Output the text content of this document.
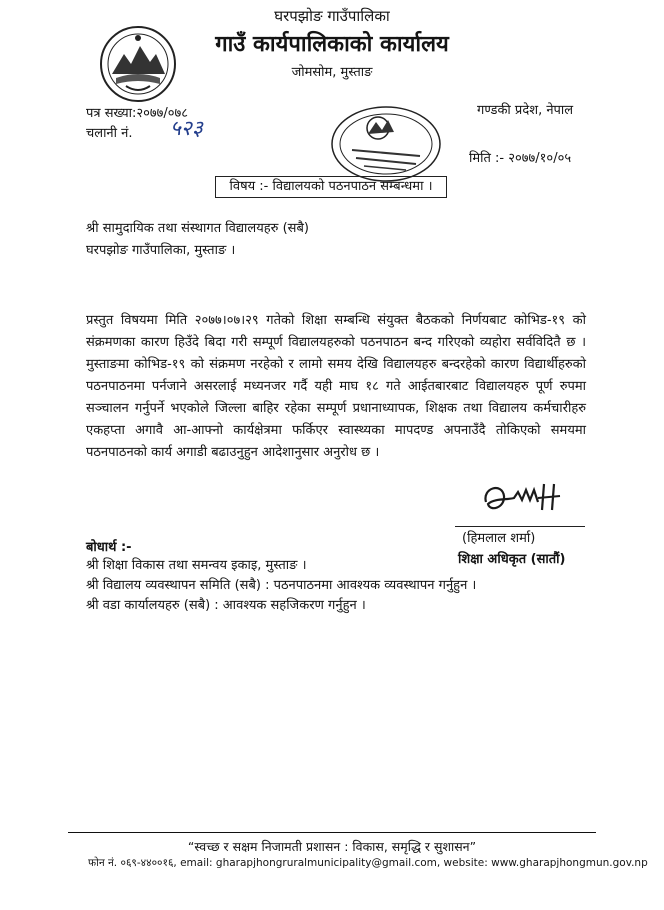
घरपझोङ गाउँपालिका
गाउँ कार्यपालिकाको कार्यालय
जोमसोम, मुस्ताङ
पत्र सख्या:२०७७/०७८
चलानी नं. ५२३
गण्डकी प्रदेश, नेपाल
मिति :- २०७७/१०/०५
विषय :- विद्यालयको पठनपाठन सम्बन्धमा ।
श्री सामुदायिक तथा संस्थागत विद्यालयहरु (सबै)
घरपझोङ गाउँपालिका, मुस्ताङ ।
प्रस्तुत विषयमा मिति २०७७।०७।२९ गतेको शिक्षा सम्बन्धि संयुक्त बैठकको निर्णयबाट कोभिड-१९ को संक्रमणका कारण हिउँदे बिदा गरी सम्पूर्ण विद्यालयहरुको पठनपाठन बन्द गरिएको व्यहोरा सर्वविदितै छ । मुस्ताङमा कोभिड-१९ को संक्रमण नरहेको र लामो समय देखि विद्यालयहरु बन्दरहेको कारण विद्यार्थीहरुको पठनपाठनमा पर्नजाने असरलाई मध्यनजर गर्दै यही माघ १८ गते आईतबारबाट विद्यालयहरु पूर्ण रुपमा सञ्चालन गर्नुपर्ने भएकोले जिल्ला बाहिर रहेका सम्पूर्ण प्रधानाध्यापक, शिक्षक तथा विद्यालय कर्मचारीहरु एकहप्ता अगावै आ-आफ्नो कार्यक्षेत्रमा फर्किएर स्वास्थ्यका मापदण्ड अपनाउँदै तोकिएको समयमा पठनपाठनको कार्य अगाडी बढाउनुहुन आदेशानुसार अनुरोध छ ।
(हिमलाल शर्मा)
शिक्षा अधिकृत (सातौं)
बोधार्थ :-
श्री शिक्षा विकास तथा समन्वय इकाइ, मुस्ताङ ।
श्री विद्यालय व्यवस्थापन समिति (सबै) : पठनपाठनमा आवश्यक व्यवस्थापन गर्नुहुन ।
श्री वडा कार्यालयहरु (सबै) : आवश्यक सहजिकरण गर्नुहुन ।
“स्वच्छ र सक्षम निजामती प्रशासन : विकास, समृद्धि र सुशासन”
फोन नं. ०६९-४४००१६, email: gharapjhongruralmunicipality@gmail.com, website: www.gharapjhongmun.gov.np
